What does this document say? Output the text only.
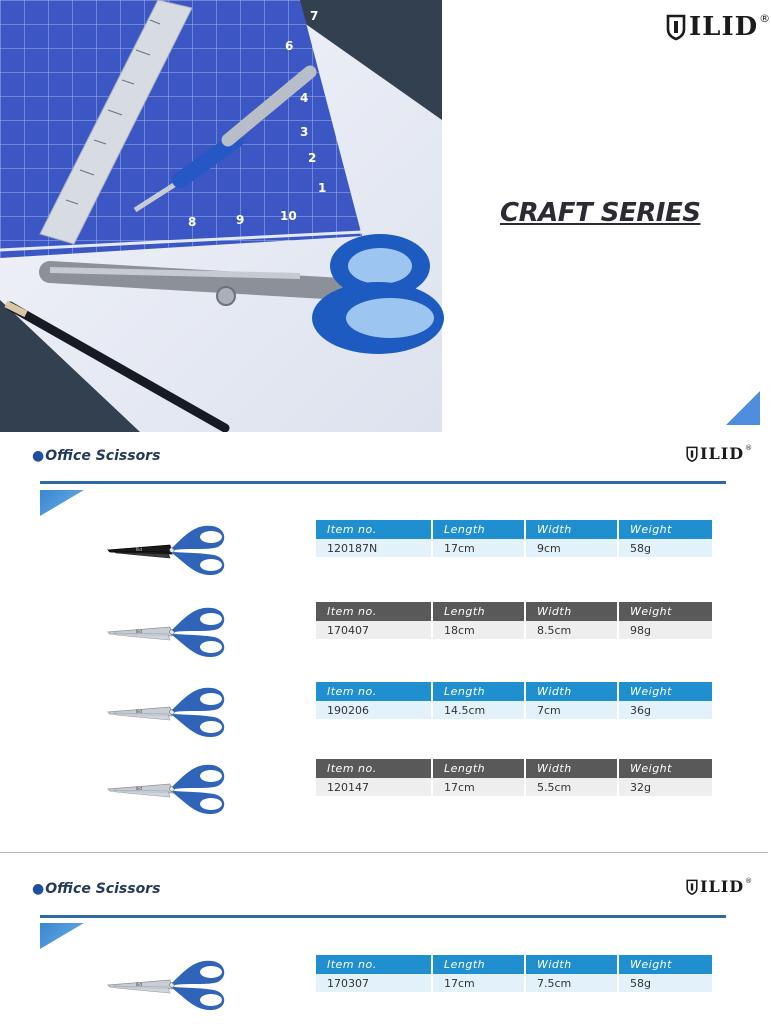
7
6
4
3
2
1
8	9	10
ILID ®
CRAFT SERIES
●Office Scissors	ILID ®
Ilid
Item no.	Length	Width	Weight
120187N	17cm	9cm	58g
Ilid
Item no.	Length	Width	Weight
170407	18cm	8.5cm	98g
Ilid
Item no.	Length	Width	Weight
190206	14.5cm	7cm	36g
Ilid
Item no.	Length	Width	Weight
120147	17cm	5.5cm	32g
●Office Scissors	ILID ®
Ilid
Item no.	Length	Width	Weight
170307	17cm	7.5cm	58g
